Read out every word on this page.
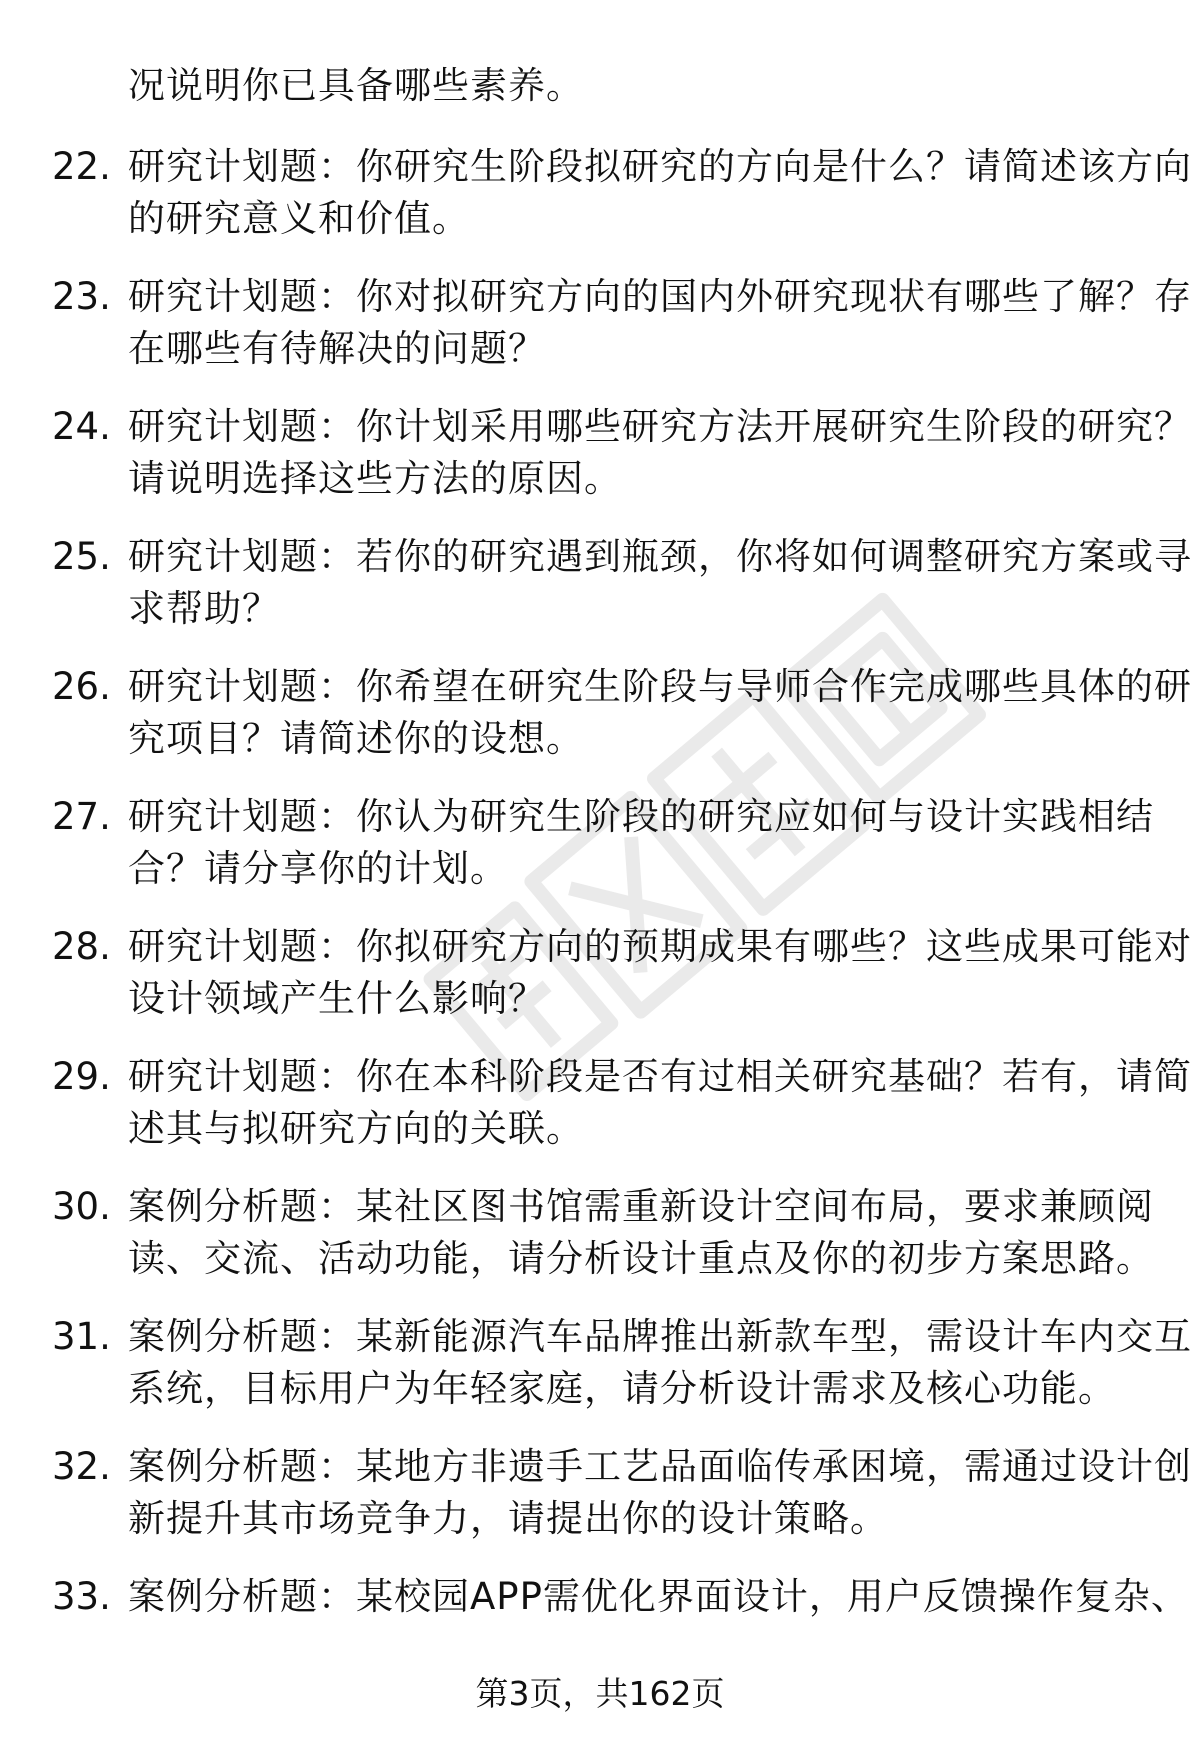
况说明你已具备哪些素养。
22. 研究计划题：你研究生阶段拟研究的方向是什么？请简述该方向
的研究意义和价值。
23. 研究计划题：你对拟研究方向的国内外研究现状有哪些了解？存
在哪些有待解决的问题？
24. 研究计划题：你计划采用哪些研究方法开展研究生阶段的研究？
请说明选择这些方法的原因。
25. 研究计划题：若你的研究遇到瓶颈，你将如何调整研究方案或寻
求帮助？
26. 研究计划题：你希望在研究生阶段与导师合作完成哪些具体的研
究项目？请简述你的设想。
27. 研究计划题：你认为研究生阶段的研究应如何与设计实践相结
合？请分享你的计划。
28. 研究计划题：你拟研究方向的预期成果有哪些？这些成果可能对
设计领域产生什么影响？
29. 研究计划题：你在本科阶段是否有过相关研究基础？若有，请简
述其与拟研究方向的关联。
30. 案例分析题：某社区图书馆需重新设计空间布局，要求兼顾阅
读、交流、活动功能，请分析设计重点及你的初步方案思路。
31. 案例分析题：某新能源汽车品牌推出新款车型，需设计车内交互
系统，目标用户为年轻家庭，请分析设计需求及核心功能。
32. 案例分析题：某地方非遗手工艺品面临传承困境，需通过设计创
新提升其市场竞争力，请提出你的设计策略。
33. 案例分析题：某校园APP需优化界面设计，用户反馈操作复杂、
第3页，共162页
